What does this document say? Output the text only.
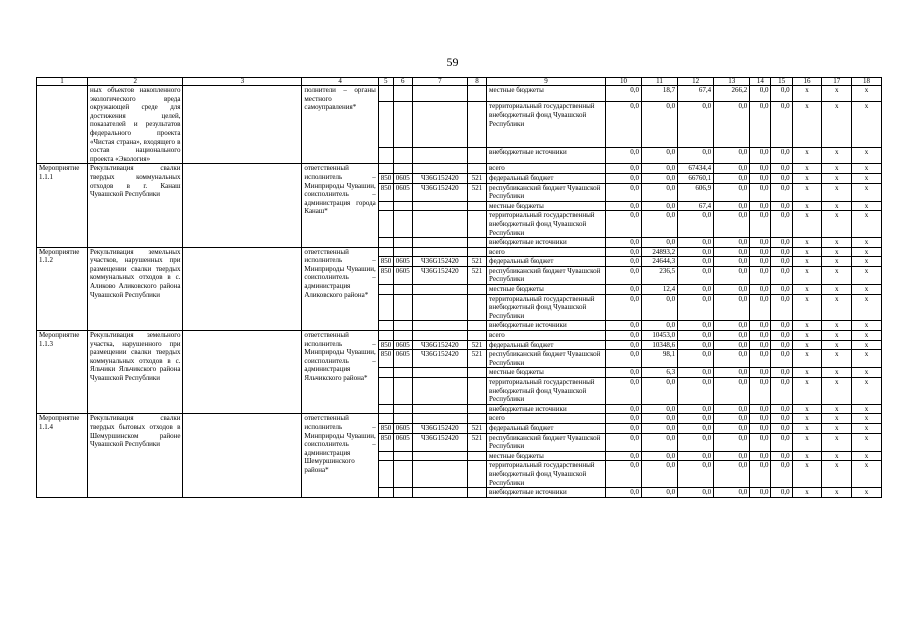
59
1	2	3	4	5	6	7	8	9	10	11	12	13	14	15	16	17	18
	ных объектов накопленного экологического вреда окружающей среде для достижения целей, показателей и результатов федерального проекта «Чистая страна», входящего в состав национального проекта «Экология»		полнители – органы местного самоуправления*					местные бюджеты	0,0	18,7	67,4	266,2	0,0	0,0	x	x	x
								территориальный государственный внебюджетный фонд Чувашской Республики	0,0	0,0	0,0	0,0	0,0	0,0	x	x	x
								внебюджетные источники	0,0	0,0	0,0	0,0	0,0	0,0	x	x	x
Мероприятие 1.1.1	Рекультивация свалки твердых коммунальных отходов в г. Канаш Чувашской Республики		ответственный исполнитель – Минприроды Чувашии, соисполнитель – администрация города Канаш*					всего	0,0	0,0	67434,4	0,0	0,0	0,0	x	x	x
				850	0605	Ч36G152420	521	федеральный бюджет	0,0	0,0	66760,1	0,0	0,0	0,0	x	x	x
				850	0605	Ч36G152420	521	республиканский бюджет Чувашской Республики	0,0	0,0	606,9	0,0	0,0	0,0	x	x	x
								местные бюджеты	0,0	0,0	67,4	0,0	0,0	0,0	x	x	x
								территориальный государственный внебюджетный фонд Чувашской Республики	0,0	0,0	0,0	0,0	0,0	0,0	x	x	x
								внебюджетные источники	0,0	0,0	0,0	0,0	0,0	0,0	x	x	x
Мероприятие 1.1.2	Рекультивация земельных участков, нарушенных при размещении свалки твердых коммунальных отходов в с. Аликово Аликовского района Чувашской Республики		ответственный исполнитель – Минприроды Чувашии, соисполнитель – администрация Аликовского района*					всего	0,0	24893,2	0,0	0,0	0,0	0,0	x	x	x
				850	0605	Ч36G152420	521	федеральный бюджет	0,0	24644,3	0,0	0,0	0,0	0,0	x	x	x
				850	0605	Ч36G152420	521	республиканский бюджет Чувашской Республики	0,0	236,5	0,0	0,0	0,0	0,0	x	x	x
								местные бюджеты	0,0	12,4	0,0	0,0	0,0	0,0	x	x	x
								территориальный государственный внебюджетный фонд Чувашской Республики	0,0	0,0	0,0	0,0	0,0	0,0	x	x	x
								внебюджетные источники	0,0	0,0	0,0	0,0	0,0	0,0	x	x	x
Мероприятие 1.1.3	Рекультивация земельного участка, нарушенного при размещении свалки твердых коммунальных отходов в с. Яльчики Яльчикского района Чувашской Республики		ответственный исполнитель – Минприроды Чувашии, соисполнитель – администрация Яльчикского района*					всего	0,0	10453,0	0,0	0,0	0,0	0,0	x	x	x
				850	0605	Ч36G152420	521	федеральный бюджет	0,0	10348,6	0,0	0,0	0,0	0,0	x	x	x
				850	0605	Ч36G152420	521	республиканский бюджет Чувашской Республики	0,0	98,1	0,0	0,0	0,0	0,0	x	x	x
								местные бюджеты	0,0	6,3	0,0	0,0	0,0	0,0	x	x	x
								территориальный государственный внебюджетный фонд Чувашской Республики	0,0	0,0	0,0	0,0	0,0	0,0	x	x	x
								внебюджетные источники	0,0	0,0	0,0	0,0	0,0	0,0	x	x	x
Мероприятие 1.1.4	Рекультивация свалки твердых бытовых отходов в Шемуршинском районе Чувашской Республики		ответственный исполнитель – Минприроды Чувашии, соисполнитель – администрация Шемуршинского района*					всего	0,0	0,0	0,0	0,0	0,0	0,0	x	x	x
				850	0605	Ч36G152420	521	федеральный бюджет	0,0	0,0	0,0	0,0	0,0	0,0	x	x	x
				850	0605	Ч36G152420	521	республиканский бюджет Чувашской Республики	0,0	0,0	0,0	0,0	0,0	0,0	x	x	x
								местные бюджеты	0,0	0,0	0,0	0,0	0,0	0,0	x	x	x
								территориальный государственный внебюджетный фонд Чувашской Республики	0,0	0,0	0,0	0,0	0,0	0,0	x	x	x
								внебюджетные источники	0,0	0,0	0,0	0,0	0,0	0,0	x	x	x
